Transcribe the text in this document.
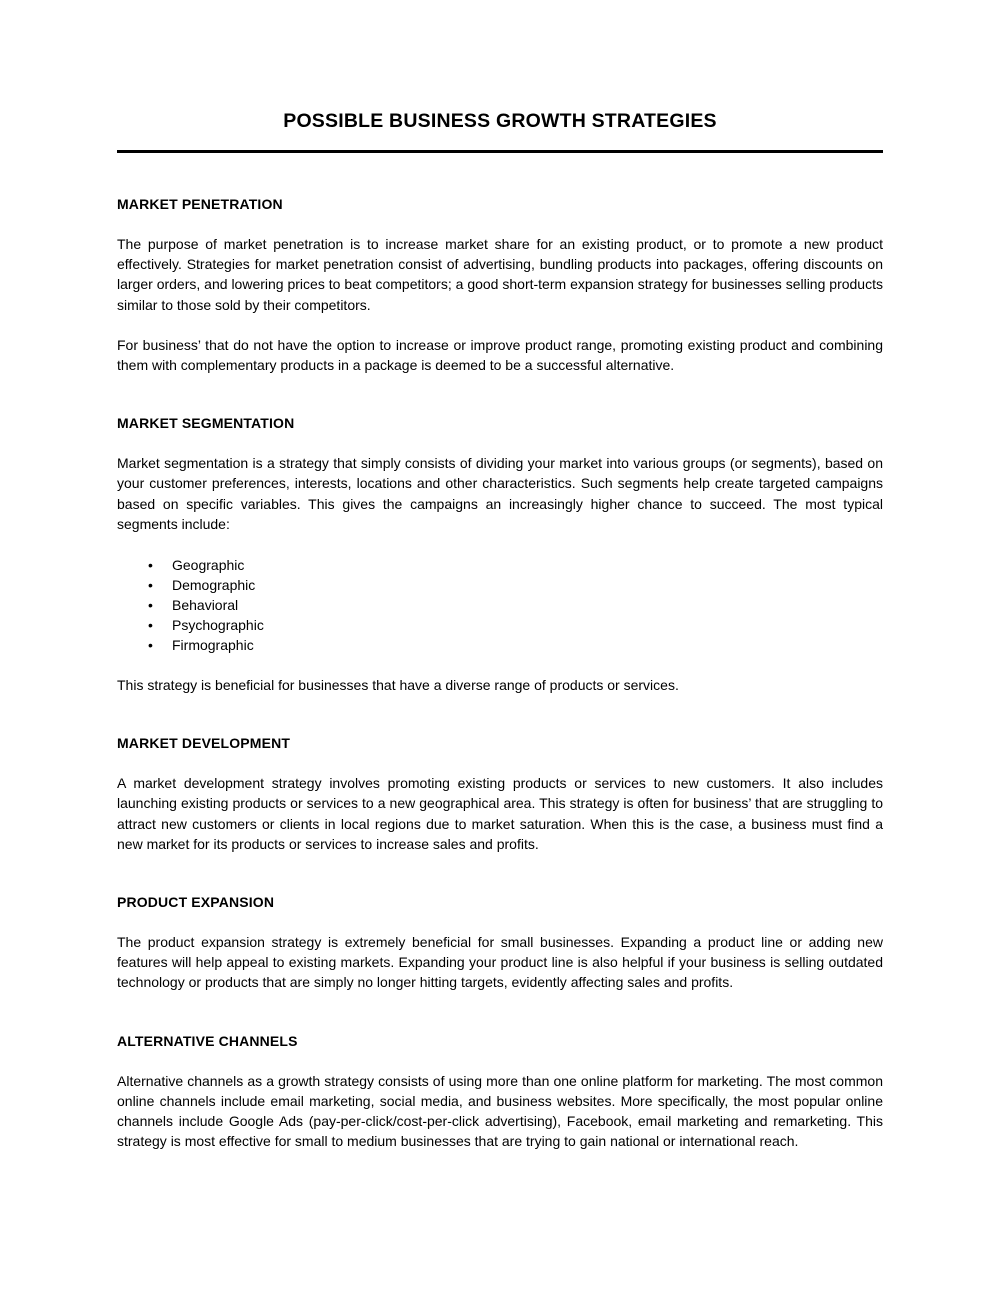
POSSIBLE BUSINESS GROWTH STRATEGIES
MARKET PENETRATION

The purpose of market penetration is to increase market share for an existing product, or to promote a new product effectively. Strategies for market penetration consist of advertising, bundling products into packages, offering discounts on larger orders, and lowering prices to beat competitors; a good short-term expansion strategy for businesses selling products similar to those sold by their competitors.

For business’ that do not have the option to increase or improve product range, promoting existing product and combining them with complementary products in a package is deemed to be a successful alternative.

MARKET SEGMENTATION

Market segmentation is a strategy that simply consists of dividing your market into various groups (or segments), based on your customer preferences, interests, locations and other characteristics. Such segments help create targeted campaigns based on specific variables. This gives the campaigns an increasingly higher chance to succeed. The most typical segments include:

• Geographic
• Demographic
• Behavioral
• Psychographic
• Firmographic

This strategy is beneficial for businesses that have a diverse range of products or services.

MARKET DEVELOPMENT

A market development strategy involves promoting existing products or services to new customers. It also includes launching existing products or services to a new geographical area. This strategy is often for business’ that are struggling to attract new customers or clients in local regions due to market saturation. When this is the case, a business must find a new market for its products or services to increase sales and profits.

PRODUCT EXPANSION

The product expansion strategy is extremely beneficial for small businesses. Expanding a product line or adding new features will help appeal to existing markets. Expanding your product line is also helpful if your business is selling outdated technology or products that are simply no longer hitting targets, evidently affecting sales and profits.

ALTERNATIVE CHANNELS

Alternative channels as a growth strategy consists of using more than one online platform for marketing. The most common online channels include email marketing, social media, and business websites. More specifically, the most popular online channels include Google Ads (pay-per-click/cost-per-click advertising), Facebook, email marketing and remarketing. This strategy is most effective for small to medium businesses that are trying to gain national or international reach.
